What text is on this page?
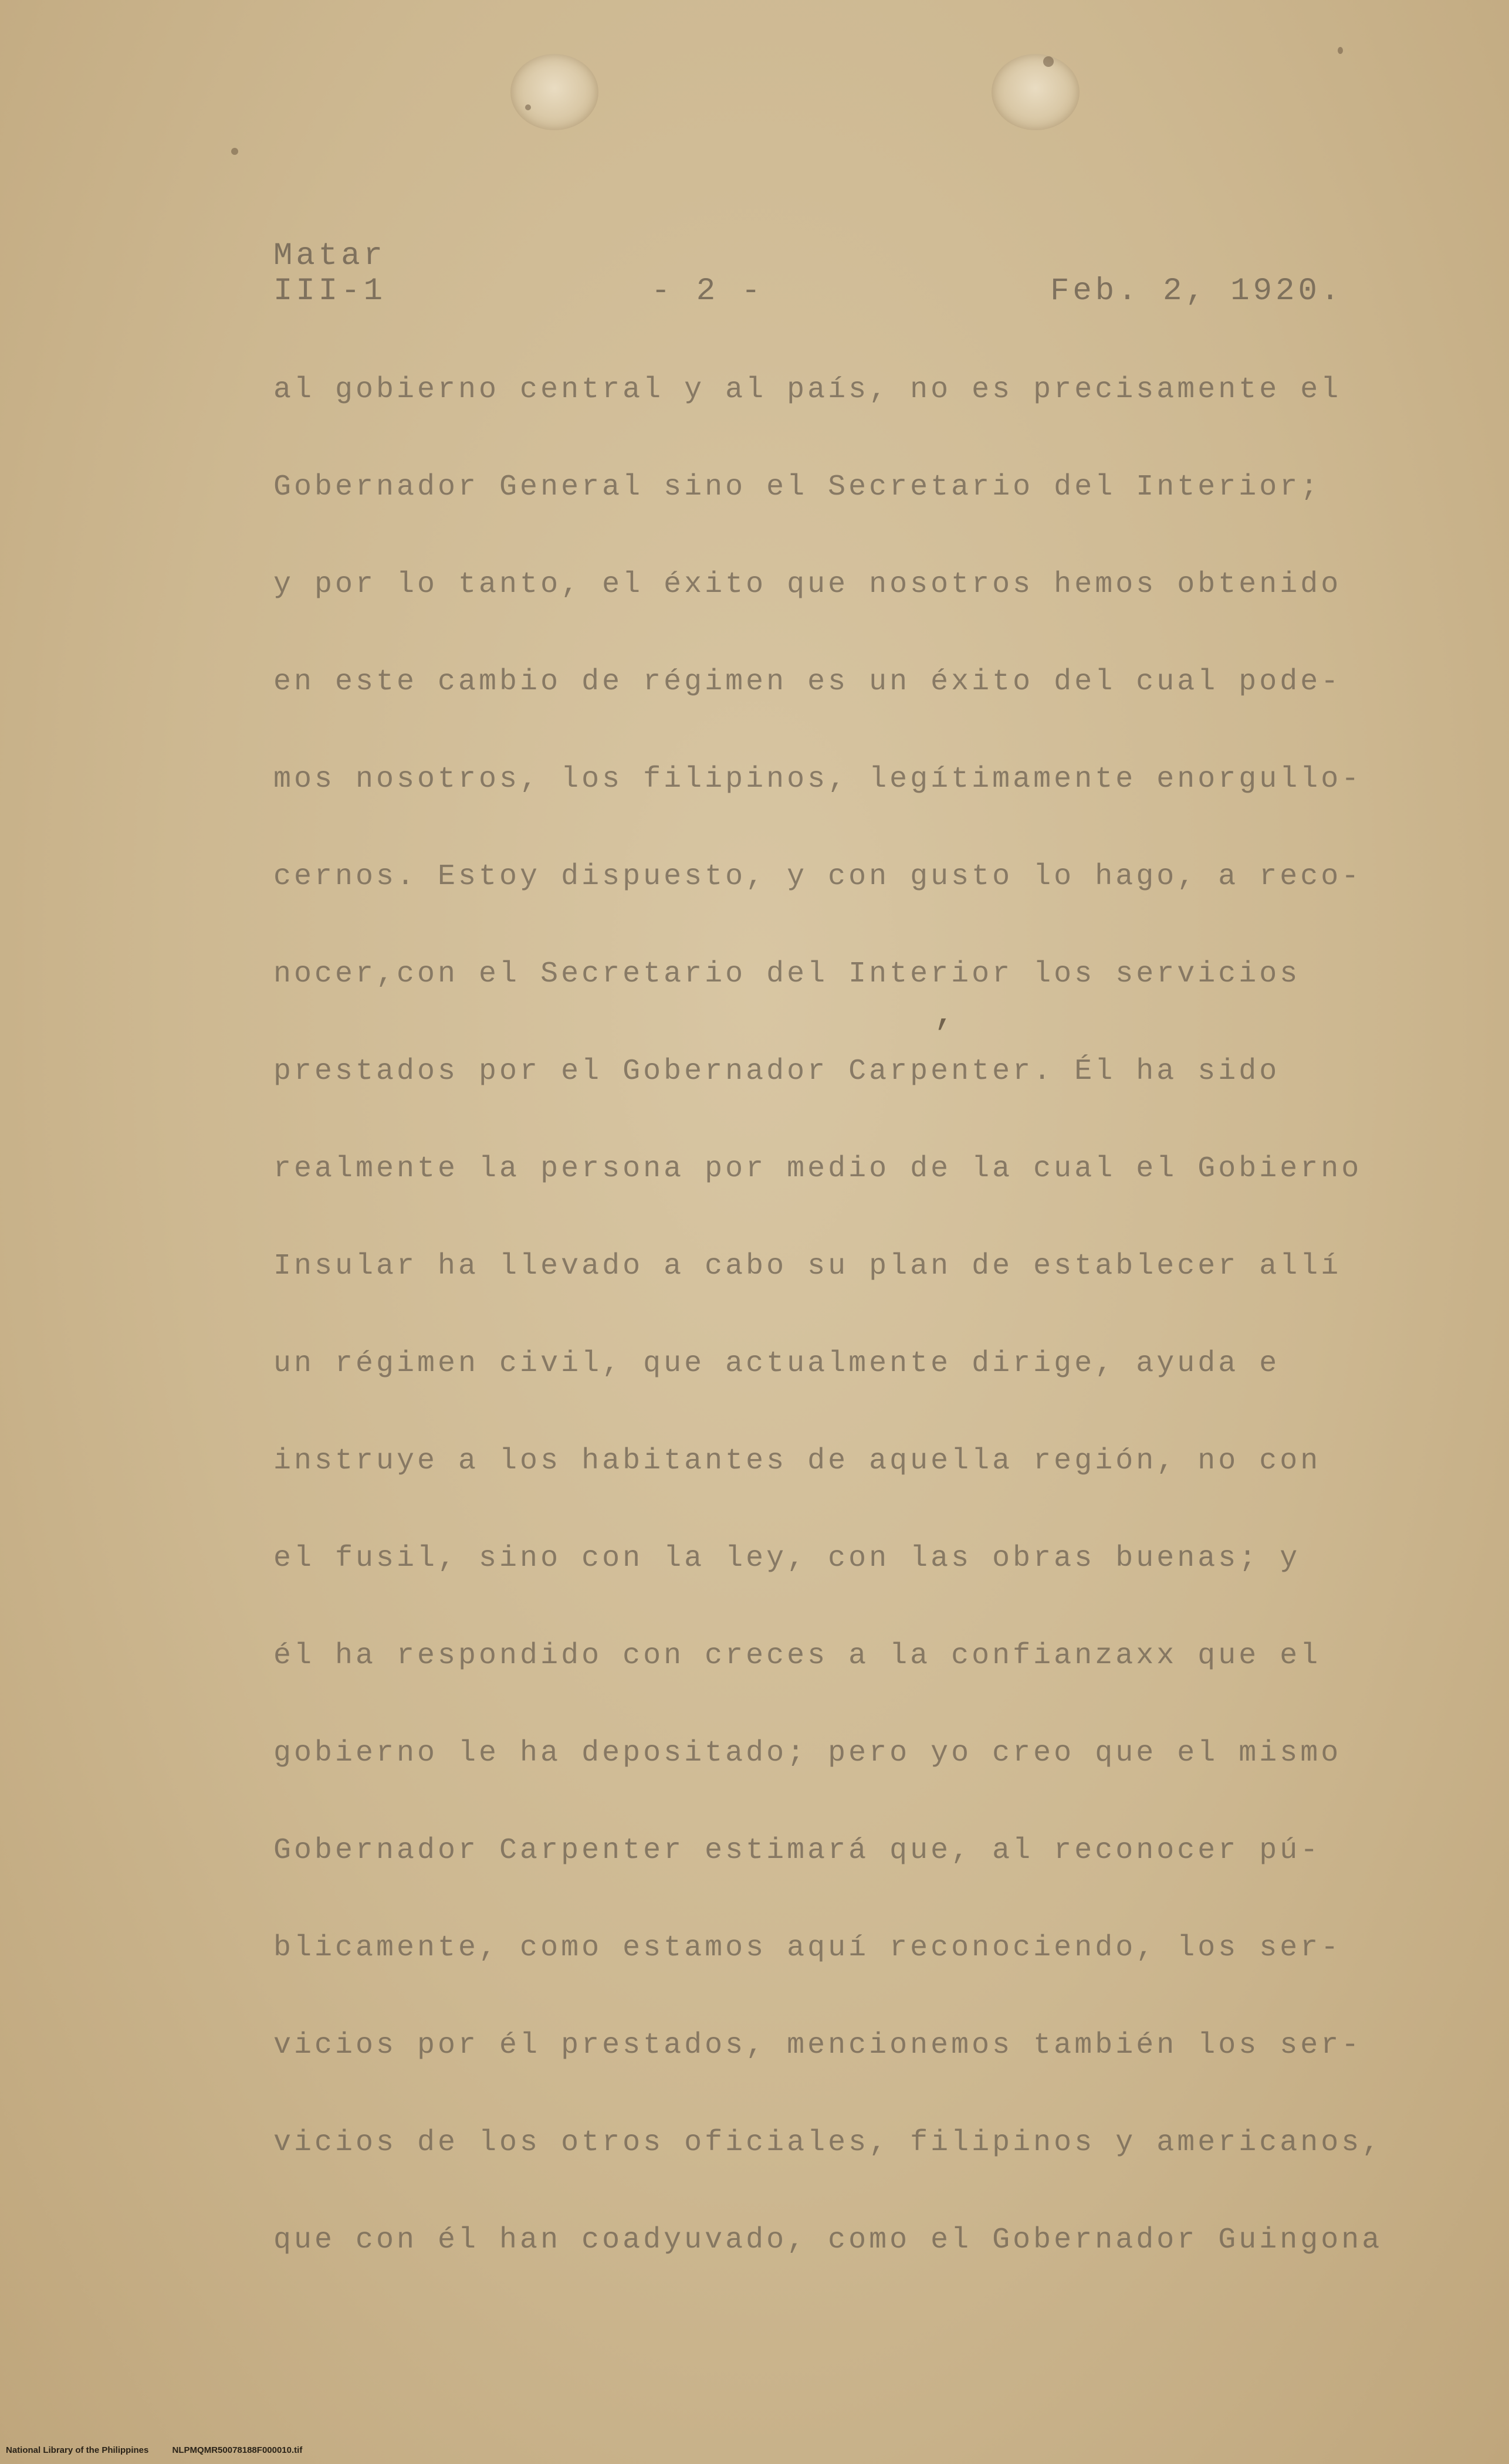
Matar
III-1	- 2 -	Feb. 2, 1920.
al gobierno central y al país, no es precisamente el
Gobernador General sino el Secretario del Interior;
y por lo tanto, el éxito que nosotros hemos obtenido
en este cambio de régimen es un éxito del cual pode-
mos nosotros, los filipinos, legítimamente enorgullo-
cernos. Estoy dispuesto, y con gusto lo hago, a reco-
nocer,con el Secretario del Interior los servicios
,
prestados por el Gobernador Carpenter. Él ha sido
realmente la persona por medio de la cual el Gobierno
Insular ha llevado a cabo su plan de establecer allí
un régimen civil, que actualmente dirige, ayuda e
instruye a los habitantes de aquella región, no con
el fusil, sino con la ley, con las obras buenas; y
él ha respondido con creces a la confianzaxx que el
gobierno le ha depositado; pero yo creo que el mismo
Gobernador Carpenter estimará que, al reconocer pú-
blicamente, como estamos aquí reconociendo, los ser-
vicios por él prestados, mencionemos también los ser-
vicios de los otros oficiales, filipinos y americanos,
que con él han coadyuvado, como el Gobernador Guingona
National Library of the Philippines	NLPMQMR50078188F000010.tif
